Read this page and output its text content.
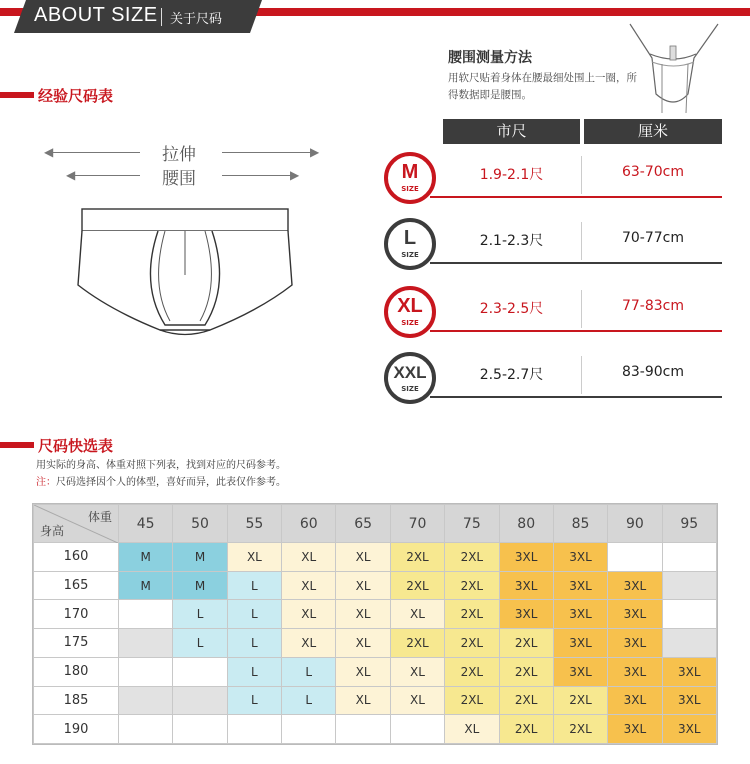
ABOUT SIZE 关于尺码
经验尺码表
◀	拉伸	▶
◀	腰围	▶
腰围测量方法
用软尺贴着身体在腰最细处围上一圈，所得数据即是腰围。
市尺	厘米
M
SIZE
1.9-2.1尺	63-70cm
L
SIZE
2.1-2.3尺	70-77cm
XL
SIZE
2.3-2.5尺	77-83cm
XXL
SIZE
2.5-2.7尺	83-90cm
尺码快选表
用实际的身高、体重对照下列表，找到对应的尺码参考。
注：尺码选择因个人的体型，喜好而异，此表仅作参考。
体重
身高	45	50	55	60	65	70	75	80	85	90	95
160	M	M	XL	XL	XL	2XL	2XL	3XL	3XL		
165	M	M	L	XL	XL	2XL	2XL	3XL	3XL	3XL	
170		L	L	XL	XL	XL	2XL	3XL	3XL	3XL	
175		L	L	XL	XL	2XL	2XL	2XL	3XL	3XL	
180			L	L	XL	XL	2XL	2XL	3XL	3XL	3XL
185			L	L	XL	XL	2XL	2XL	2XL	3XL	3XL
190							XL	2XL	2XL	3XL	3XL
